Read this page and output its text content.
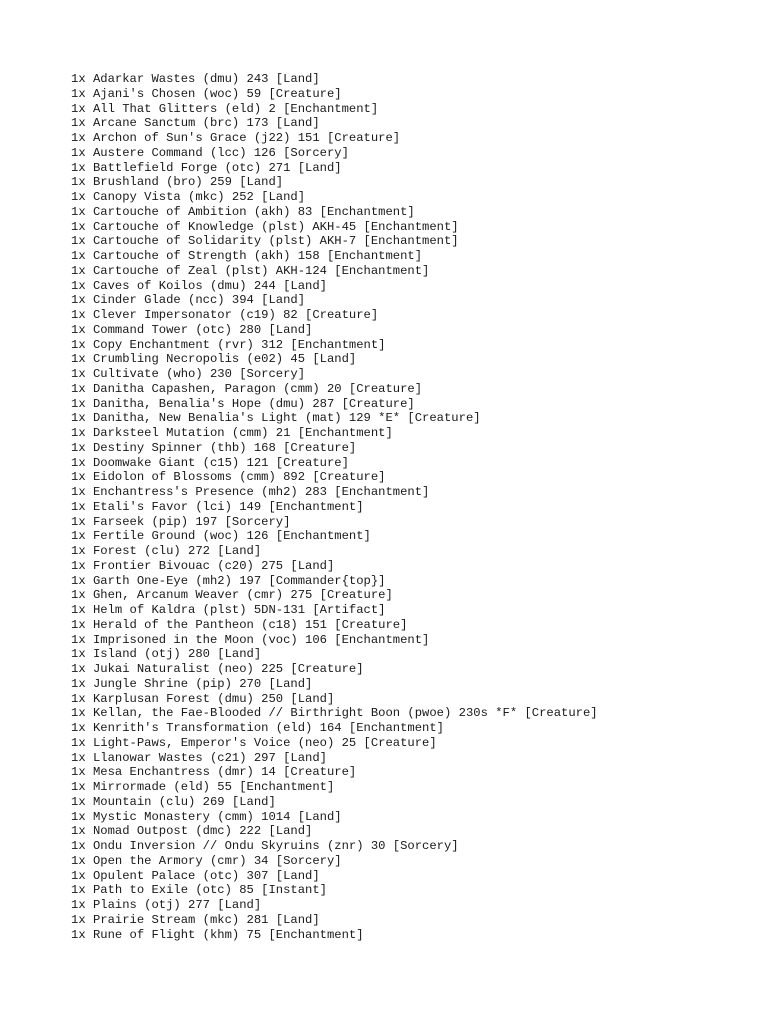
1x Adarkar Wastes (dmu) 243 [Land]
1x Ajani's Chosen (woc) 59 [Creature]
1x All That Glitters (eld) 2 [Enchantment]
1x Arcane Sanctum (brc) 173 [Land]
1x Archon of Sun's Grace (j22) 151 [Creature]
1x Austere Command (lcc) 126 [Sorcery]
1x Battlefield Forge (otc) 271 [Land]
1x Brushland (bro) 259 [Land]
1x Canopy Vista (mkc) 252 [Land]
1x Cartouche of Ambition (akh) 83 [Enchantment]
1x Cartouche of Knowledge (plst) AKH-45 [Enchantment]
1x Cartouche of Solidarity (plst) AKH-7 [Enchantment]
1x Cartouche of Strength (akh) 158 [Enchantment]
1x Cartouche of Zeal (plst) AKH-124 [Enchantment]
1x Caves of Koilos (dmu) 244 [Land]
1x Cinder Glade (ncc) 394 [Land]
1x Clever Impersonator (c19) 82 [Creature]
1x Command Tower (otc) 280 [Land]
1x Copy Enchantment (rvr) 312 [Enchantment]
1x Crumbling Necropolis (e02) 45 [Land]
1x Cultivate (who) 230 [Sorcery]
1x Danitha Capashen, Paragon (cmm) 20 [Creature]
1x Danitha, Benalia's Hope (dmu) 287 [Creature]
1x Danitha, New Benalia's Light (mat) 129 *E* [Creature]
1x Darksteel Mutation (cmm) 21 [Enchantment]
1x Destiny Spinner (thb) 168 [Creature]
1x Doomwake Giant (c15) 121 [Creature]
1x Eidolon of Blossoms (cmm) 892 [Creature]
1x Enchantress's Presence (mh2) 283 [Enchantment]
1x Etali's Favor (lci) 149 [Enchantment]
1x Farseek (pip) 197 [Sorcery]
1x Fertile Ground (woc) 126 [Enchantment]
1x Forest (clu) 272 [Land]
1x Frontier Bivouac (c20) 275 [Land]
1x Garth One-Eye (mh2) 197 [Commander{top}]
1x Ghen, Arcanum Weaver (cmr) 275 [Creature]
1x Helm of Kaldra (plst) 5DN-131 [Artifact]
1x Herald of the Pantheon (c18) 151 [Creature]
1x Imprisoned in the Moon (voc) 106 [Enchantment]
1x Island (otj) 280 [Land]
1x Jukai Naturalist (neo) 225 [Creature]
1x Jungle Shrine (pip) 270 [Land]
1x Karplusan Forest (dmu) 250 [Land]
1x Kellan, the Fae-Blooded // Birthright Boon (pwoe) 230s *F* [Creature]
1x Kenrith's Transformation (eld) 164 [Enchantment]
1x Light-Paws, Emperor's Voice (neo) 25 [Creature]
1x Llanowar Wastes (c21) 297 [Land]
1x Mesa Enchantress (dmr) 14 [Creature]
1x Mirrormade (eld) 55 [Enchantment]
1x Mountain (clu) 269 [Land]
1x Mystic Monastery (cmm) 1014 [Land]
1x Nomad Outpost (dmc) 222 [Land]
1x Ondu Inversion // Ondu Skyruins (znr) 30 [Sorcery]
1x Open the Armory (cmr) 34 [Sorcery]
1x Opulent Palace (otc) 307 [Land]
1x Path to Exile (otc) 85 [Instant]
1x Plains (otj) 277 [Land]
1x Prairie Stream (mkc) 281 [Land]
1x Rune of Flight (khm) 75 [Enchantment]
